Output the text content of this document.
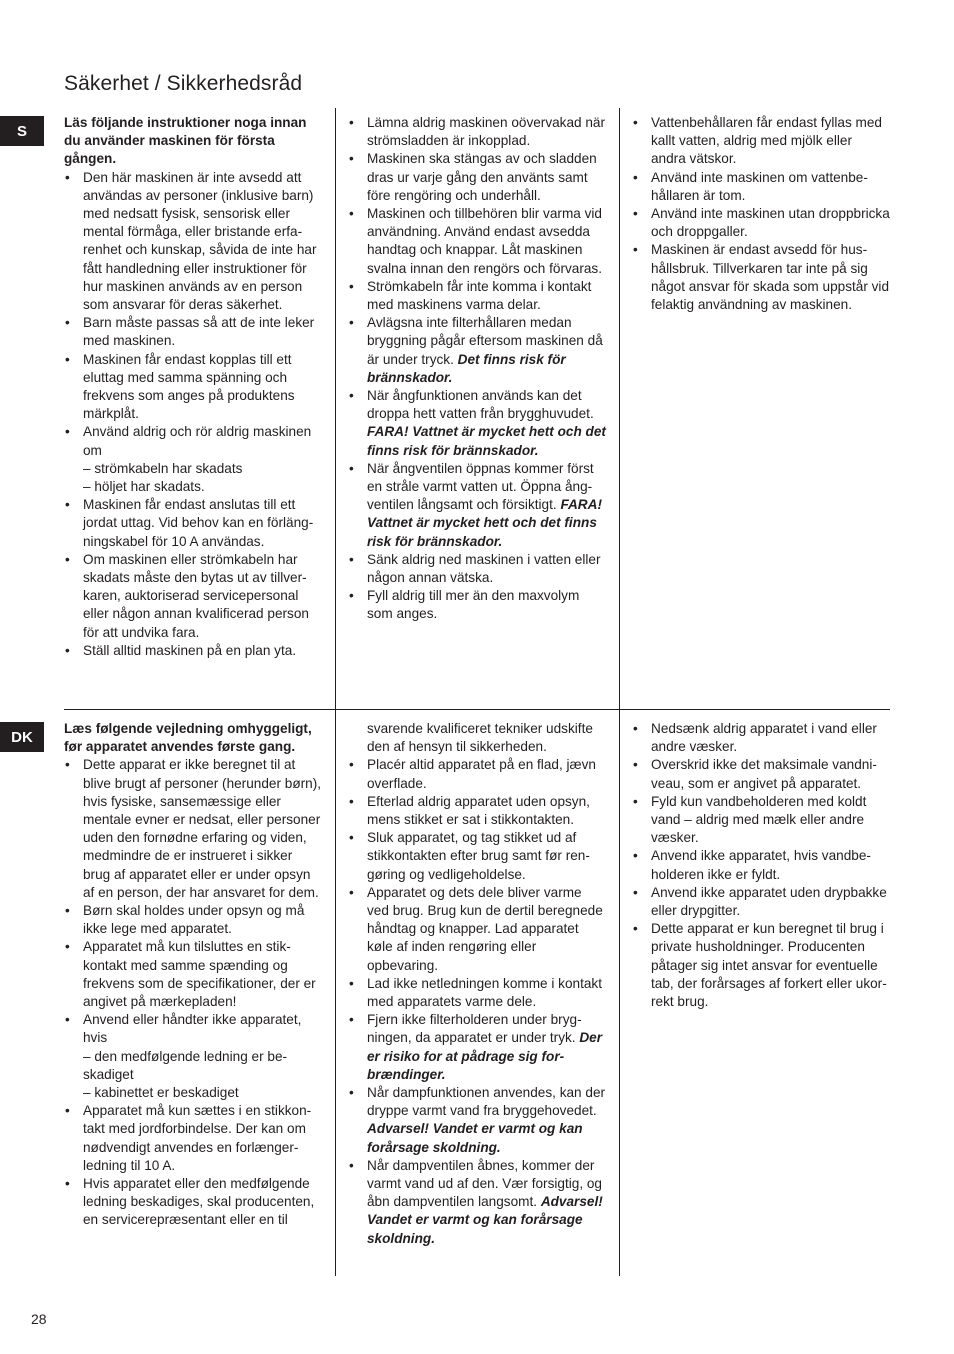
Säkerhet / Sikkerhedsråd
S	Läs följande instruktioner noga innan du använder maskinen för första gången.

• Den här maskinen är inte avsedd att användas av personer (inklusive barn) med nedsatt fysisk, sensorisk eller mental förmåga, eller bristande erfarenhet och kunskap, såvida de inte har fått handledning eller instruktioner för hur maskinen används av en person som ansvarar för deras säkerhet.
• Barn måste passas så att de inte leker med maskinen.
• Maskinen får endast kopplas till ett eluttag med samma spänning och frekvens som anges på produktens märkplåt.
• Använd aldrig och rör aldrig maskinen om
– strömkabeln har skadats
– höljet har skadats.
• Maskinen får endast anslutas till ett jordat uttag. Vid behov kan en förlängningskabel för 10 A användas.
• Om maskinen eller strömkabeln har skadats måste den bytas ut av tillverkaren, auktoriserad servicepersonal eller någon annan kvalificerad person för att undvika fara.
• Ställ alltid maskinen på en plan yta.
• Lämna aldrig maskinen oövervakad när strömsladden är inkopplad.
• Maskinen ska stängas av och sladden dras ur varje gång den använts samt före rengöring och underhåll.
• Maskinen och tillbehören blir varma vid användning. Använd endast avsedda handtag och knappar. Låt maskinen svalna innan den rengörs och förvaras.
• Strömkabeln får inte komma i kontakt med maskinens varma delar.
• Avlägsna inte filterhållaren medan bryggning pågår eftersom maskinen då är under tryck. Det finns risk för brännskador.
• När ångfunktionen används kan det droppa hett vatten från brygghuvudet. FARA! Vattnet är mycket hett och det finns risk för brännskador.
• När ångventilen öppnas kommer först en stråle varmt vatten ut. Öppna ångventilen långsamt och försiktigt. FARA! Vattnet är mycket hett och det finns risk för brännskador.
• Sänk aldrig ned maskinen i vatten eller någon annan vätska.
• Fyll aldrig till mer än den maxvolym som anges.
• Vattenbehållaren får endast fyllas med kallt vatten, aldrig med mjölk eller andra vätskor.
• Använd inte maskinen om vattenbehållaren är tom.
• Använd inte maskinen utan droppbricka och droppgaller.
• Maskinen är endast avsedd för hushållsbruk. Tillverkaren tar inte på sig något ansvar för skada som uppstår vid felaktig användning av maskinen.
DK	Læs følgende vejledning omhyggeligt, før apparatet anvendes første gang.

• Dette apparat er ikke beregnet til at blive brugt af personer (herunder børn), hvis fysiske, sansemæssige eller mentale evner er nedsat, eller personer uden den fornødne erfaring og viden, medmindre de er instrueret i sikker brug af apparatet eller er under opsyn af en person, der har ansvaret for dem.
• Børn skal holdes under opsyn og må ikke lege med apparatet.
• Apparatet må kun tilsluttes en stikkontakt med samme spænding og frekvens som de specifikationer, der er angivet på mærkepladen!
• Anvend eller håndter ikke apparatet, hvis
– den medfølgende ledning er beskadiget
– kabinettet er beskadiget
• Apparatet må kun sættes i en stikkontakt med jordforbindelse. Der kan om nødvendigt anvendes en forlængerledning til 10 A.
• Hvis apparatet eller den medfølgende ledning beskadiges, skal producenten, en servicerepræsentant eller en til

svarende kvalificeret tekniker udskifte den af hensyn til sikkerheden.

• Placér altid apparatet på en flad, jævn overflade.
• Efterlad aldrig apparatet uden opsyn, mens stikket er sat i stikkontakten.
• Sluk apparatet, og tag stikket ud af stikkontakten efter brug samt før rengøring og vedligeholdelse.
• Apparatet og dets dele bliver varme ved brug. Brug kun de dertil beregnede håndtag og knapper. Lad apparatet køle af inden rengøring eller opbevaring.
• Lad ikke netledningen komme i kontakt med apparatets varme dele.
• Fjern ikke filterholderen under brygningen, da apparatet er under tryk. Der er risiko for at pådrage sig forbrændinger.
• Når dampfunktionen anvendes, kan der dryppe varmt vand fra bryggehovedet. Advarsel! Vandet er varmt og kan forårsage skoldning.
• Når dampventilen åbnes, kommer der varmt vand ud af den. Vær forsigtig, og åbn dampventilen langsomt. Advarsel! Vandet er varmt og kan forårsage skoldning.
• Nedsænk aldrig apparatet i vand eller andre væsker.
• Overskrid ikke det maksimale vandniveau, som er angivet på apparatet.
• Fyld kun vandbeholderen med koldt vand – aldrig med mælk eller andre væsker.
• Anvend ikke apparatet, hvis vandbeholderen ikke er fyldt.
• Anvend ikke apparatet uden drypbakke eller drypgitter.
• Dette apparat er kun beregnet til brug i private husholdninger. Producenten påtager sig intet ansvar for eventuelle tab, der forårsages af forkert eller ukorrekt brug.
28
